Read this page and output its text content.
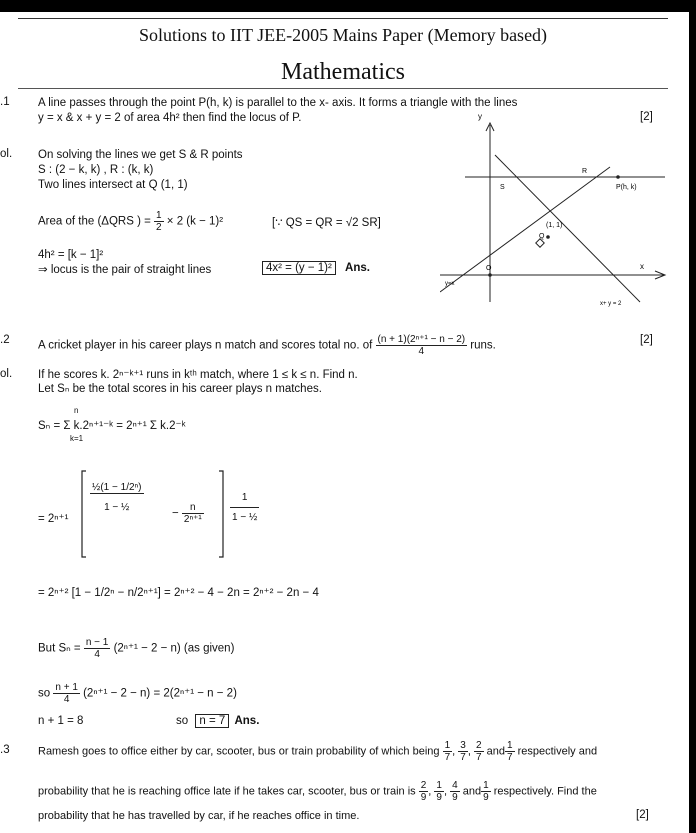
Solutions to IIT JEE-2005 Mains Paper (Memory based)
Mathematics
.1 A line passes through the point P(h, k) is parallel to the x- axis. It forms a triangle with the lines
y = x & x + y = 2 of area 4h² then find the locus of P.	[2]
ol. On solving the lines we get S & R points
S : (2 − k, k) , R : (k, k)
Two lines intersect at Q (1, 1)
Area of the (ΔQRS ) = $\frac{1}{2} \times 2$ (k − 1)²	[∵ QS = QR = √2 SR]
4h² = [k − 1]²
⇒ locus is the pair of straight lines	4x² = (y − 1)² Ans.
y
x
S
R
P(h, k)
Q
(1, 1)
O
y=x
x+ y = 2
.2 A cricket player in his career plays n match and scores total no. of $\frac{\text{(n + 1)(2ⁿ⁺¹ − n − 2)}}{4}$ runs.	[2]
ol. If he scores k. 2ⁿ⁻ᵏ⁺¹ runs in kᵗʰ match, where 1 ≤ k ≤ n. Find n.
Let Sₙ be the total scores in his career plays n matches.
Sₙ = Σ k.2ⁿ⁺¹⁻ᵏ = 2ⁿ⁺¹ Σ k.2⁻ᵏ
n
k=1
= 2ⁿ⁺¹
$\frac{\text{½(1 − 1/2ⁿ)}}{\text{1 − ½}}$
− $\frac{n}{\text{2ⁿ⁺¹}}$	$\frac{1}{\text{1 − ½}}$
= 2ⁿ⁺² [1 − 1/2ⁿ − n/2ⁿ⁺¹] = 2ⁿ⁺² − 4 − 2n = 2ⁿ⁺² − 2n − 4
But $S_n = \frac{n - 1}{4} (2^{n+1} - 2 - n)$ (as given)
so $\frac{n + 1}{4} (2^{n+1} - 2 - n) = 2(2^{n+1} - n - 2)$
n + 1 = 8	so n = 7 Ans.
.3	Ramesh goes to office either by car, scooter, bus or train probability of which being $\frac{1}{7}$ , $\frac{3}{7}$ , $\frac{2}{7}$ and $\frac{1}{7}$ respectively and
probability that he is reaching office late if he takes car, scooter, bus or train is $\frac{2}{9}$ , $\frac{1}{9}$ , $\frac{4}{9}$ and $\frac{1}{9}$ respectively. Find the
probability that he has travelled by car, if he reaches office in time.	[2]
